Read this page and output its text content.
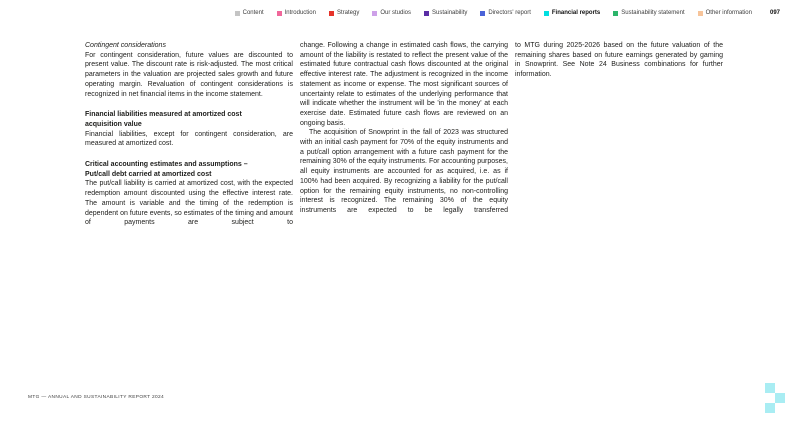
Content	Introduction	Strategy	Our studios	Sustainability	Directors' report	Financial reports	Sustainability statement	Other information	097
Contingent considerations

For contingent consideration, future values are discounted to present value. The discount rate is risk-adjusted. The most critical parameters in the valuation are projected sales growth and future operating margin. Revaluation of contingent considerations is recognized in net financial items in the income statement.

Financial liabilities measured at amortized cost
acquisition value

Financial liabilities, except for contingent consideration, are measured at amortized cost.

Critical accounting estimates and assumptions –
Put/call debt carried at amortized cost

The put/call liability is carried at amortized cost, with the expected redemption amount discounted using the effective interest rate. The amount is variable and the timing of the redemption is dependent on future events, so estimates of the timing and amount of payments are subject to

change. Following a change in estimated cash flows, the carrying amount of the liability is restated to reflect the present value of the estimated future contractual cash flows discounted at the original effective interest rate. The adjustment is recognized in the income statement as income or expense. The most significant sources of uncertainty relate to estimates of the underlying performance that will indicate whether the instrument will be 'in the money' at each exercise date. Estimated future cash flows are reviewed on an ongoing basis.

The acquisition of Snowprint in the fall of 2023 was structured with an initial cash payment for 70% of the equity instruments and a put/call option arrangement with a future cash payment for the remaining 30% of the equity instruments. For accounting purposes, all equity instruments are accounted for as acquired, i.e. as if 100% had been acquired. By recognizing a liability for the put/call option for the remaining equity instruments, no non-controlling interest is recognized. The remaining 30% of the equity instruments are expected to be legally transferred

to MTG during 2025-2026 based on the future valuation of the remaining shares based on future earnings generated by gaming in Snowprint. See Note 24 Business combinations for further information.

MTG — ANNUAL AND SUSTAINABILITY REPORT 2024
